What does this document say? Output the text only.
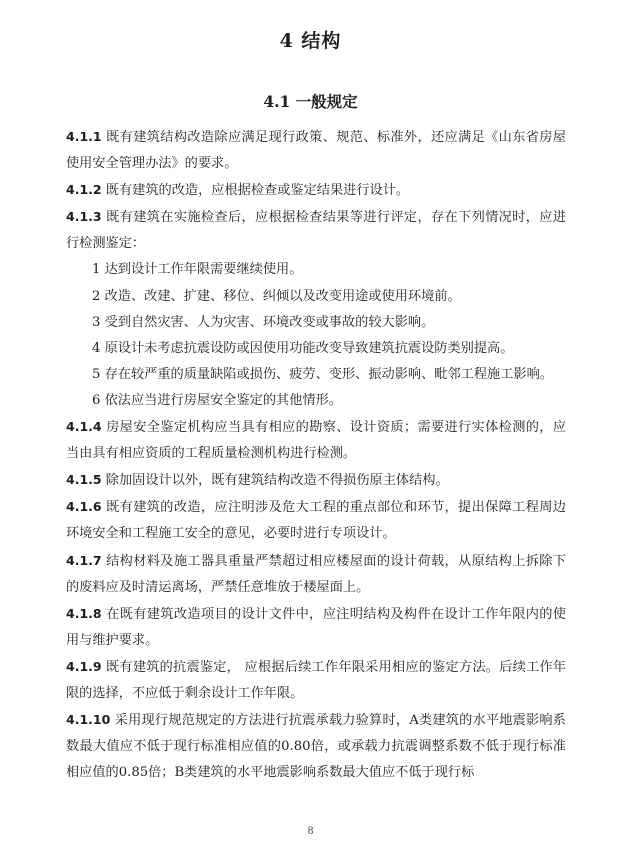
4 结构
4.1 一般规定

4.1.1 既有建筑结构改造除应满足现行政策、规范、标准外，还应满足《山东省房屋使用安全管理办法》的要求。

4.1.2 既有建筑的改造，应根据检查或鉴定结果进行设计。

4.1.3 既有建筑在实施检查后，应根据检查结果等进行评定，存在下列情况时，应进行检测鉴定：

1 达到设计工作年限需要继续使用。

2 改造、改建、扩建、移位、纠倾以及改变用途或使用环境前。

3 受到自然灾害、人为灾害、环境改变或事故的较大影响。

4 原设计未考虑抗震设防或因使用功能改变导致建筑抗震设防类别提高。

5 存在较严重的质量缺陷或损伤、疲劳、变形、振动影响、毗邻工程施工影响。

6 依法应当进行房屋安全鉴定的其他情形。

4.1.4 房屋安全鉴定机构应当具有相应的勘察、设计资质；需要进行实体检测的，应当由具有相应资质的工程质量检测机构进行检测。

4.1.5 除加固设计以外，既有建筑结构改造不得损伤原主体结构。

4.1.6 既有建筑的改造，应注明涉及危大工程的重点部位和环节，提出保障工程周边环境安全和工程施工安全的意见，必要时进行专项设计。

4.1.7 结构材料及施工器具重量严禁超过相应楼屋面的设计荷载，从原结构上拆除下的废料应及时清运离场，严禁任意堆放于楼屋面上。

4.1.8 在既有建筑改造项目的设计文件中，应注明结构及构件在设计工作年限内的使用与维护要求。

4.1.9 既有建筑的抗震鉴定， 应根据后续工作年限采用相应的鉴定方法。后续工作年限的选择，不应低于剩余设计工作年限。

4.1.10 采用现行规范规定的方法进行抗震承载力验算时，A类建筑的水平地震影响系数最大值应不低于现行标准相应值的0.80倍，或承载力抗震调整系数不低于现行标准相应值的0.85倍；B类建筑的水平地震影响系数最大值应不低于现行标

8
